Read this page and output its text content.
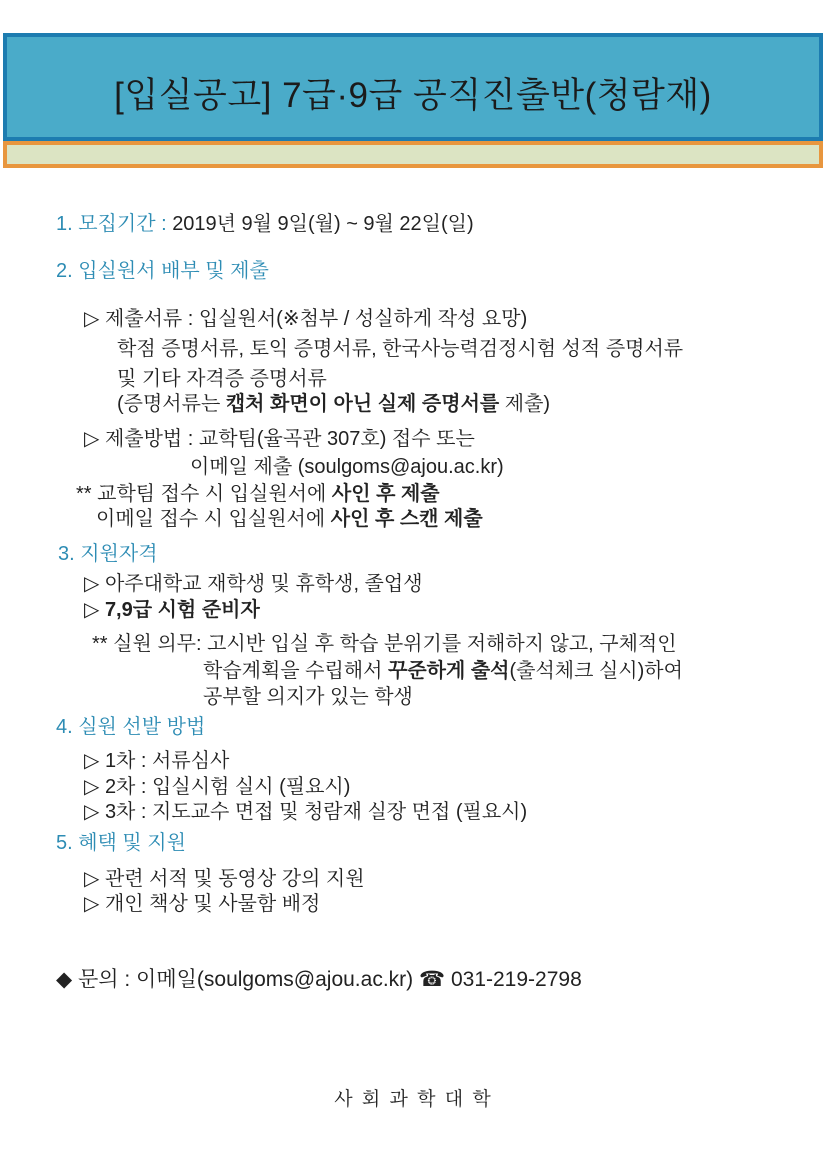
[입실공고] 7급·9급 공직진출반(청람재)
1. 모집기간 : 2019년 9월 9일(월) ~ 9월 22일(일)
2. 입실원서 배부 및 제출
▷ 제출서류 : 입실원서(※첨부 / 성실하게 작성 요망)
학점 증명서류, 토익 증명서류, 한국사능력검정시험 성적 증명서류
및 기타 자격증 증명서류
(증명서류는 캡처 화면이 아닌 실제 증명서를 제출)
▷ 제출방법 : 교학팀(율곡관 307호) 접수 또는
이메일 제출 (soulgoms@ajou.ac.kr)
** 교학팀 접수 시 입실원서에 사인 후 제출
이메일 접수 시 입실원서에 사인 후 스캔 제출
3. 지원자격
▷ 아주대학교 재학생 및 휴학생, 졸업생
▷ 7,9급 시험 준비자
** 실원 의무: 고시반 입실 후 학습 분위기를 저해하지 않고, 구체적인
학습계획을 수립해서 꾸준하게 출석(출석체크 실시)하여
공부할 의지가 있는 학생
4. 실원 선발 방법
▷ 1차 : 서류심사
▷ 2차 : 입실시험 실시 (필요시)
▷ 3차 : 지도교수 면접 및 청람재 실장 면접 (필요시)
5. 혜택 및 지원
▷ 관련 서적 및 동영상 강의 지원
▷ 개인 책상 및 사물함 배정
◆ 문의 : 이메일(soulgoms@ajou.ac.kr) ☎ 031-219-2798
사 회 과 학 대 학
